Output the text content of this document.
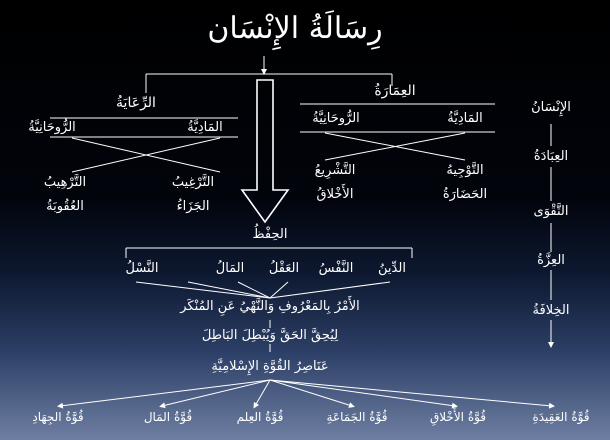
رِسَالَةُ الإِنْسَان
الرِّعَايَةُ
الرُّوحَانِيَّةُ	المَادِيَّةُ
التَّرْغِيبُ
التَّرْهِيبُ
الجَزَاءُ
العُقُوبَةُ
العِمَارَةُ
الرُّوحَانِيَّةُ	المَادِيَّةُ
التَّوْجِيهُ
التَّشْرِيعُ
الحَضَارَةُ
الأَخْلاقُ
الحِفْظُ
الدِّينُ
النَّفْسُ
العَقْلُ
المَالُ
النَّسْلُ
الأَمْرُ بِالمَعْرُوفِ وَالنَّهْيُ عَنِ المُنْكَر
لِيُحِقَّ الحَقَّ وَيُبْطِلَ البَاطِلَ
عَنَاصِرُ القُوَّةِ الإِسْلامِيَّةِ
قُوَّةُ العَقِيدَةِ
قُوَّةُ الأَخْلاقِ
قُوَّةُ الجَمَاعَةِ
قُوَّةُ العِلم
قُوَّةُ المَال
قُوَّةُ الجِهَادِ
الإِنْسَانُ
العِبَادَةُ
التَّقْوَى
العِزَّةُ
الخِلافَةُ
